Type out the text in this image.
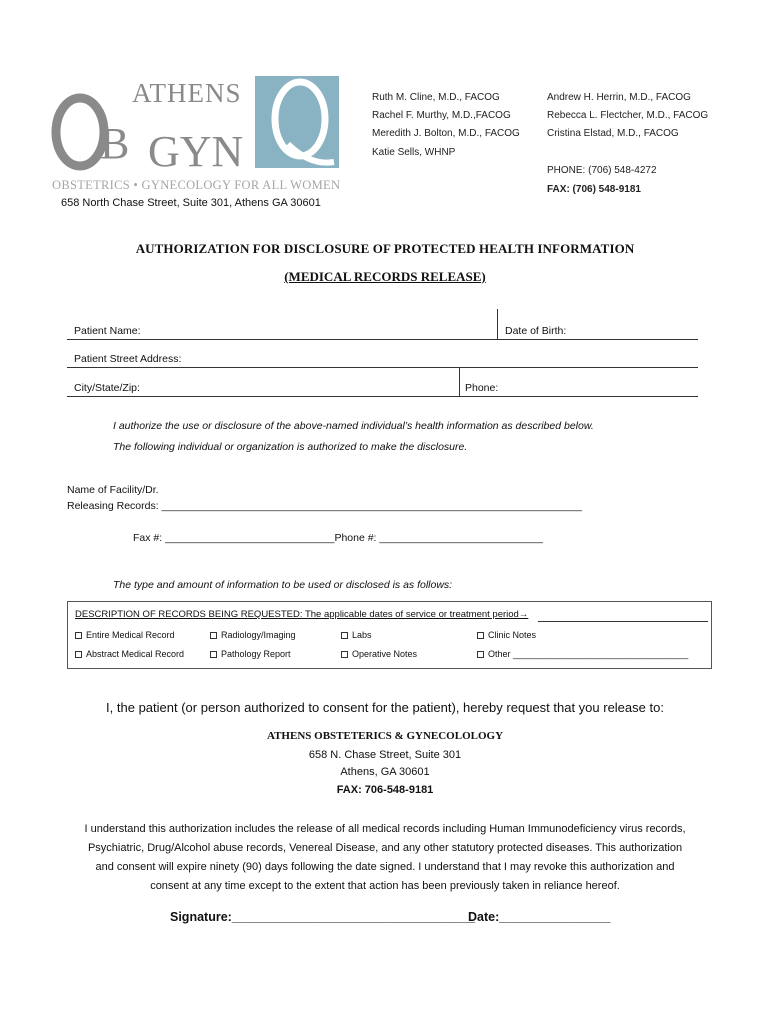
ATHENS
B GYN
OBSTETRICS • GYNECOLOGY FOR ALL WOMEN
658 North Chase Street, Suite 301, Athens GA 30601
Ruth M. Cline, M.D., FACOG
Rachel F. Murthy, M.D.,FACOG
Meredith J. Bolton, M.D., FACOG
Katie Sells, WHNP
Andrew H. Herrin, M.D., FACOG
Rebecca L. Flectcher, M.D., FACOG
Cristina Elstad, M.D., FACOG
PHONE: (706) 548-4272
FAX: (706) 548-9181
AUTHORIZATION FOR DISCLOSURE OF PROTECTED HEALTH INFORMATION
(MEDICAL RECORDS RELEASE)
Patient Name:	Date of Birth:
Patient Street Address:
City/State/Zip:	Phone:
I authorize the use or disclosure of the above-named individual’s health information as described below.
The following individual or organization is authorized to make the disclosure.
Name of Facility/Dr.
Releasing Records: ________________________________________________________________________
Fax #: _____________________________Phone #: ____________________________
The type and amount of information to be used or disclosed is as follows:
DESCRIPTION OF RECORDS BEING REQUESTED: The applicable dates of service or treatment period→
Entire Medical Record	Radiology/Imaging	Labs	Clinic Notes
Abstract Medical Record	Pathology Report	Operative Notes	Other ___________________________________
I, the patient (or person authorized to consent for the patient), hereby request that you release to:
ATHENS OBSTETERICS & GYNECOLOLOGY
658 N. Chase Street, Suite 301
Athens, GA 30601
FAX: 706-548-9181
I understand this authorization includes the release of all medical records including Human Immunodeficiency virus records,
Psychiatric, Drug/Alcohol abuse records, Venereal Disease, and any other statutory protected diseases. This authorization
and consent will expire ninety (90) days following the date signed. I understand that I may revoke this authorization and
consent at any time except to the extent that action has been previously taken in reliance hereof.
Signature:___________________________________
Date:________________
